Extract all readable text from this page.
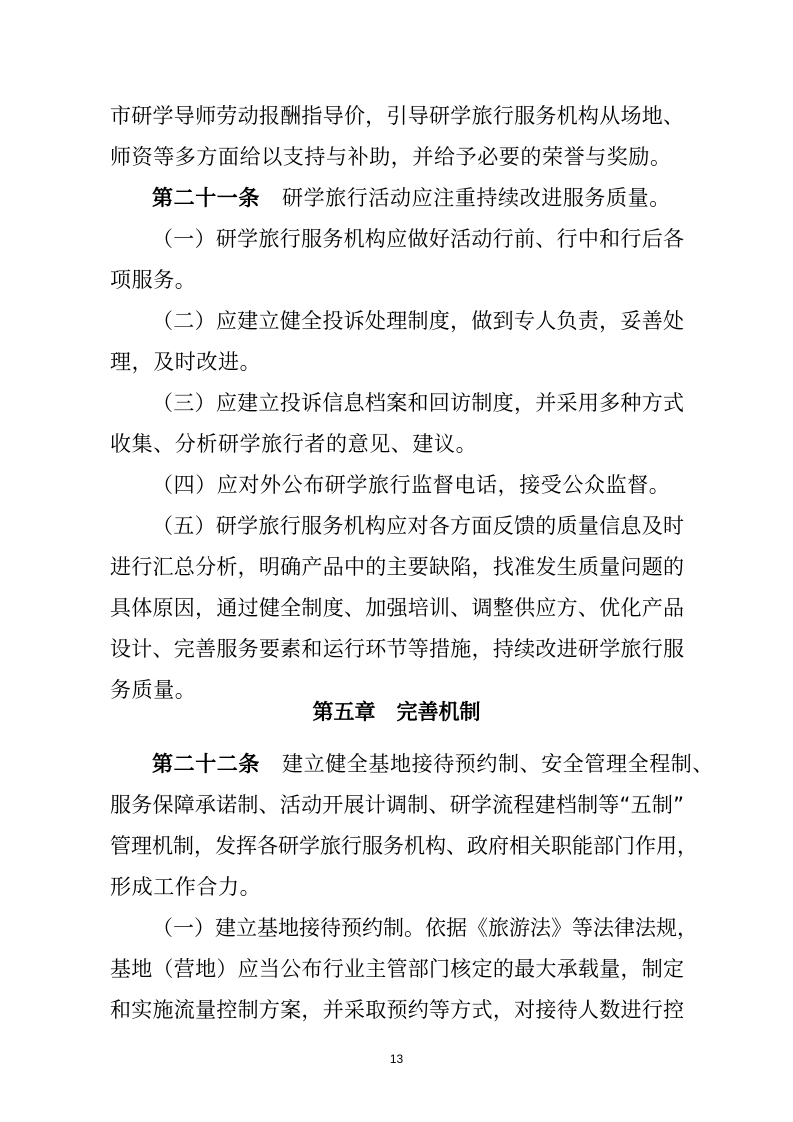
市研学导师劳动报酬指导价，引导研学旅行服务机构从场地、
师资等多方面给以支持与补助，并给予必要的荣誉与奖励。
第二十一条 研学旅行活动应注重持续改进服务质量。
（一）研学旅行服务机构应做好活动行前、行中和行后各
项服务。
（二）应建立健全投诉处理制度，做到专人负责，妥善处
理，及时改进。
（三）应建立投诉信息档案和回访制度，并采用多种方式
收集、分析研学旅行者的意见、建议。
（四）应对外公布研学旅行监督电话，接受公众监督。
（五）研学旅行服务机构应对各方面反馈的质量信息及时
进行汇总分析，明确产品中的主要缺陷，找准发生质量问题的
具体原因，通过健全制度、加强培训、调整供应方、优化产品
设计、完善服务要素和运行环节等措施，持续改进研学旅行服
务质量。
第五章　完善机制
第二十二条 建立健全基地接待预约制、安全管理全程制、
服务保障承诺制、活动开展计调制、研学流程建档制等“五制”
管理机制，发挥各研学旅行服务机构、政府相关职能部门作用，
形成工作合力。
（一）建立基地接待预约制。依据《旅游法》等法律法规，
基地（营地）应当公布行业主管部门核定的最大承载量，制定
和实施流量控制方案，并采取预约等方式，对接待人数进行控
13
